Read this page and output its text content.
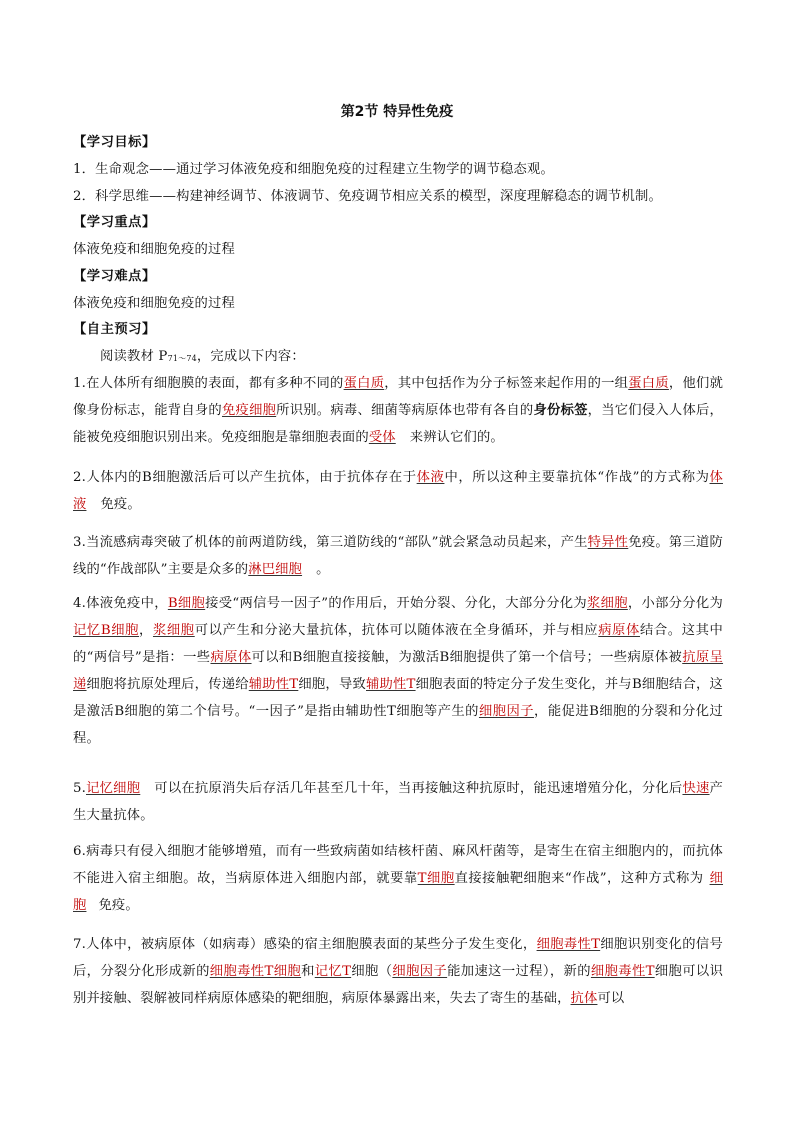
第2节 特异性免疫
【学习目标】
1．生命观念——通过学习体液免疫和细胞免疫的过程建立生物学的调节稳态观。
2．科学思维——构建神经调节、体液调节、免疫调节相应关系的模型，深度理解稳态的调节机制。
【学习重点】
体液免疫和细胞免疫的过程
【学习难点】
体液免疫和细胞免疫的过程
【自主预习】
阅读教材 $P_{71\sim 74}$，完成以下内容：
1.在人体所有细胞膜的表面，都有多种不同的蛋白质，其中包括作为分子标签来起作用的一组蛋白质，他们就像身份标志，能背自身的免疫细胞所识别。病毒、细菌等病原体也带有各自的身份标签，当它们侵入人体后，能被免疫细胞识别出来。免疫细胞是靠细胞表面的受体 来辨认它们的。
2.人体内的B细胞激活后可以产生抗体，由于抗体存在于体液中，所以这种主要靠抗体“作战”的方式称为体液 免疫。
3.当流感病毒突破了机体的前两道防线，第三道防线的“部队”就会紧急动员起来，产生特异性免疫。第三道防线的“作战部队”主要是众多的淋巴细胞 。
4.体液免疫中，B细胞接受“两信号一因子”的作用后，开始分裂、分化，大部分分化为浆细胞，小部分分化为记忆B细胞，浆细胞可以产生和分泌大量抗体，抗体可以随体液在全身循环，并与相应病原体结合。这其中的“两信号”是指：一些病原体可以和B细胞直接接触，为激活B细胞提供了第一个信号；一些病原体被抗原呈递细胞将抗原处理后，传递给辅助性T细胞，导致辅助性T细胞表面的特定分子发生变化，并与B细胞结合，这是激活B细胞的第二个信号。“一因子”是指由辅助性T细胞等产生的细胞因子，能促进B细胞的分裂和分化过程。
5.记忆细胞 可以在抗原消失后存活几年甚至几十年，当再接触这种抗原时，能迅速增殖分化，分化后快速产生大量抗体。
6.病毒只有侵入细胞才能够增殖，而有一些致病菌如结核杆菌、麻风杆菌等，是寄生在宿主细胞内的，而抗体不能进入宿主细胞。故，当病原体进入细胞内部，就要靠T细胞直接接触靶细胞来“作战”，这种方式称为 细胞 免疫。
7.人体中，被病原体（如病毒）感染的宿主细胞膜表面的某些分子发生变化，细胞毒性T细胞识别变化的信号后，分裂分化形成新的细胞毒性T细胞和记忆T细胞（细胞因子能加速这一过程），新的细胞毒性T细胞可以识别并接触、裂解被同样病原体感染的靶细胞，病原体暴露出来，失去了寄生的基础，抗体可以
